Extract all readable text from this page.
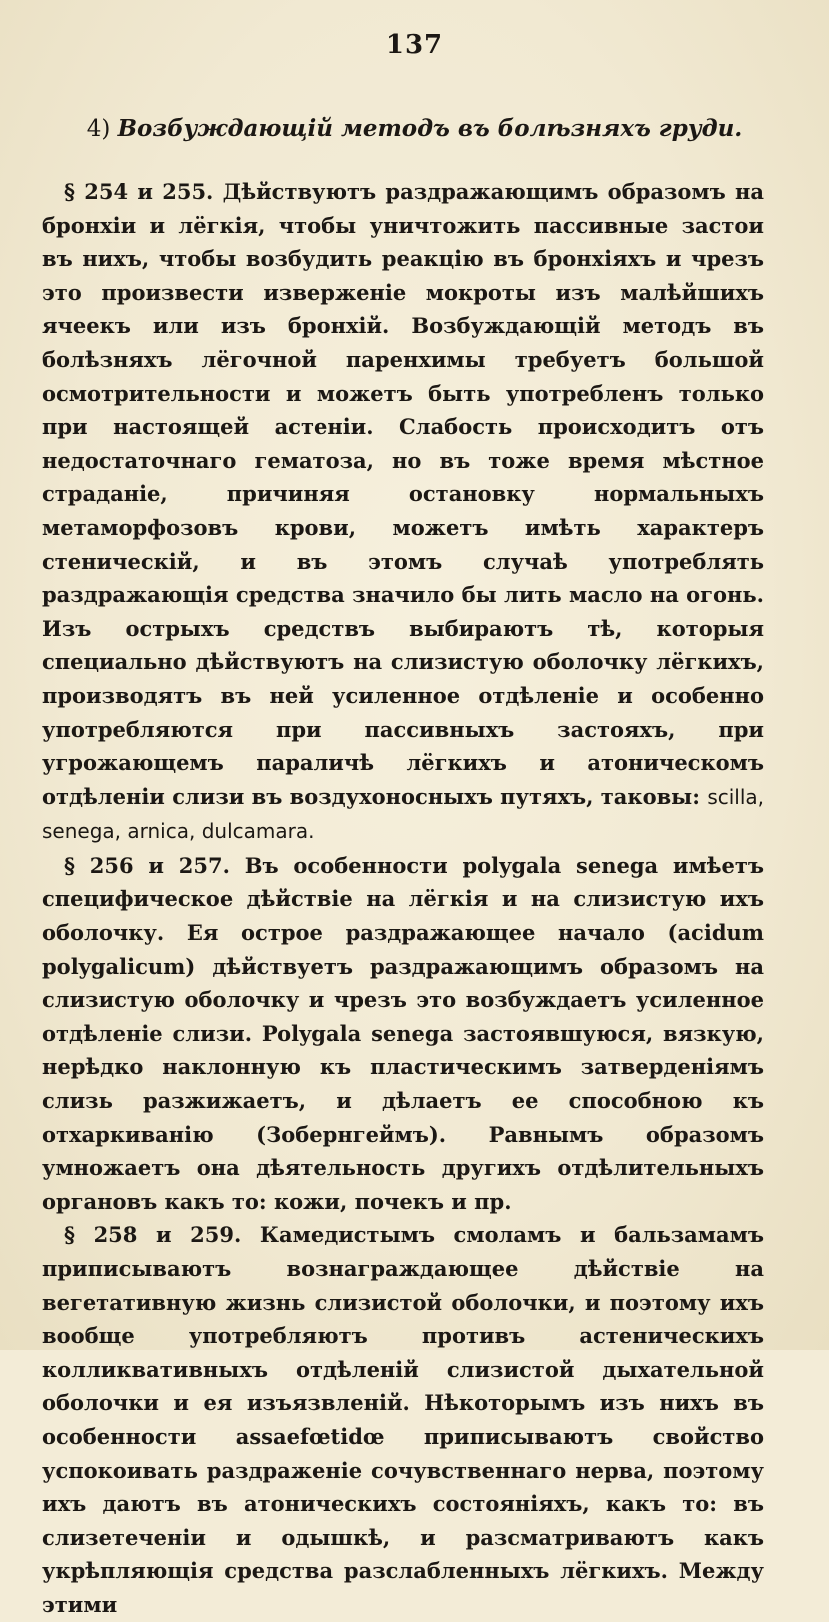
137
4) Возбуждающій методъ въ болѣзняхъ груди.

§ 254 и 255. Дѣйствуютъ раздражающимъ образомъ на бронхіи и лёгкія, чтобы уничтожить пассивные застои въ нихъ, чтобы возбудить реакцію въ бронхіяхъ и чрезъ это произвести изверженіе мокроты изъ малѣйшихъ ячеекъ или изъ бронхій. Возбуждающій методъ въ болѣзняхъ лёгочной паренхимы требуетъ большой осмотрительности и можетъ быть употребленъ только при настоящей астеніи. Слабость происходитъ отъ недостаточнаго гематоза, но въ тоже время мѣстное страданіе, причиняя остановку нормальныхъ метаморфозовъ крови, можетъ имѣть характеръ стеническій, и въ этомъ случаѣ употреблять раздражающія средства значило бы лить масло на огонь. Изъ острыхъ средствъ выбираютъ тѣ, которыя специально дѣйствуютъ на слизистую оболочку лёгкихъ, производятъ въ ней усиленное отдѣленіе и особенно употребляются при пассивныхъ застояхъ, при угрожающемъ параличѣ лёгкихъ и атоническомъ отдѣленіи слизи въ воздухоносныхъ путяхъ, таковы: scilla, senega, arnica, dulcamara.

§ 256 и 257. Въ особенности polygala senega имѣетъ специфическое дѣйствіе на лёгкія и на слизистую ихъ оболочку. Ея острое раздражающее начало (acidum polygalicum) дѣйствуетъ раздражающимъ образомъ на слизистую оболочку и чрезъ это возбуждаетъ усиленное отдѣленіе слизи. Polygala senega застоявшуюся, вязкую, нерѣдко наклонную къ пластическимъ затверденіямъ слизь разжижаетъ, и дѣлаетъ ее способною къ отхаркиванію (Зобернгеймъ). Равнымъ образомъ умножаетъ она дѣятельность другихъ отдѣлительныхъ органовъ какъ то: кожи, почекъ и пр.

§ 258 и 259. Камедистымъ смоламъ и бальзамамъ приписываютъ вознаграждающее дѣйствіе на вегетативную жизнь слизистой оболочки, и поэтому ихъ вообще употребляютъ противъ астеническихъ колликвативныхъ отдѣленій слизистой дыхательной оболочки и ея изъязвленій. Нѣкоторымъ изъ нихъ въ особенности assaefœtidœ приписываютъ свойство успокоивать раздраженіе сочувственнаго нерва, поэтому ихъ даютъ въ атоническихъ состояніяхъ, какъ то: въ слизетеченіи и одышкѣ, и разсматриваютъ какъ укрѣпляющія средства разслабленныхъ лёгкихъ. Между этими
